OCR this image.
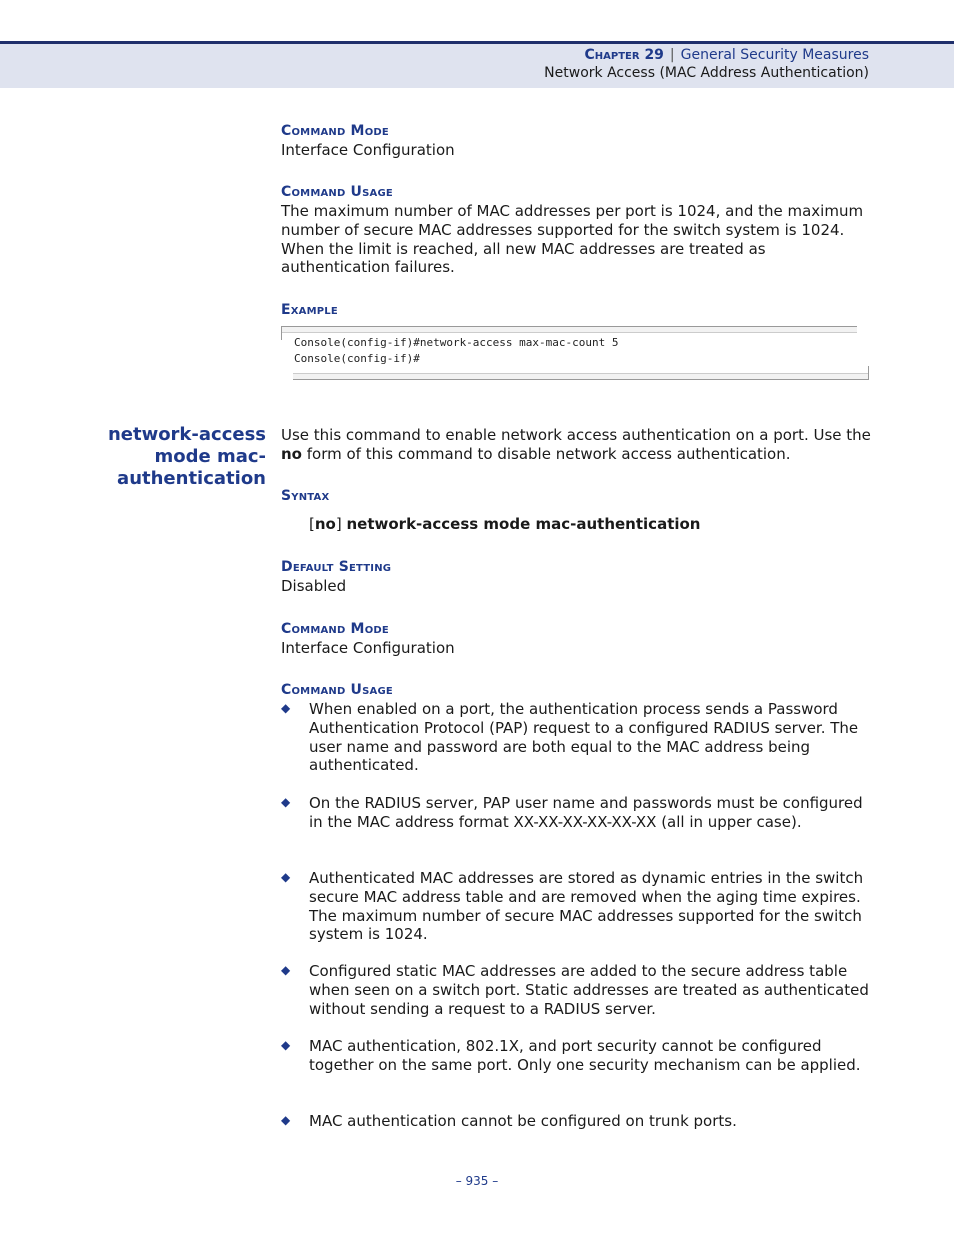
Chapter 29 | General Security Measures
Network Access (MAC Address Authentication)
Command Mode
Interface Configuration
Command Usage
The maximum number of MAC addresses per port is 1024, and the maximum number of secure MAC addresses supported for the switch system is 1024. When the limit is reached, all new MAC addresses are treated as authentication failures.
Example
Console(config-if)#network-access max-mac-count 5
Console(config-if)#
network-access
mode mac-
authentication
Use this command to enable network access authentication on a port. Use the no form of this command to disable network access authentication.
Syntax
[no] network-access mode mac-authentication
Default Setting
Disabled
Command Mode
Interface Configuration
Command Usage
◆ When enabled on a port, the authentication process sends a Password Authentication Protocol (PAP) request to a configured RADIUS server. The user name and password are both equal to the MAC address being authenticated.
◆ On the RADIUS server, PAP user name and passwords must be configured in the MAC address format XX-XX-XX-XX-XX-XX (all in upper case).
◆ Authenticated MAC addresses are stored as dynamic entries in the switch secure MAC address table and are removed when the aging time expires. The maximum number of secure MAC addresses supported for the switch system is 1024.
◆ Configured static MAC addresses are added to the secure address table when seen on a switch port. Static addresses are treated as authenticated without sending a request to a RADIUS server.
◆ MAC authentication, 802.1X, and port security cannot be configured together on the same port. Only one security mechanism can be applied.
◆ MAC authentication cannot be configured on trunk ports.
– 935 –
